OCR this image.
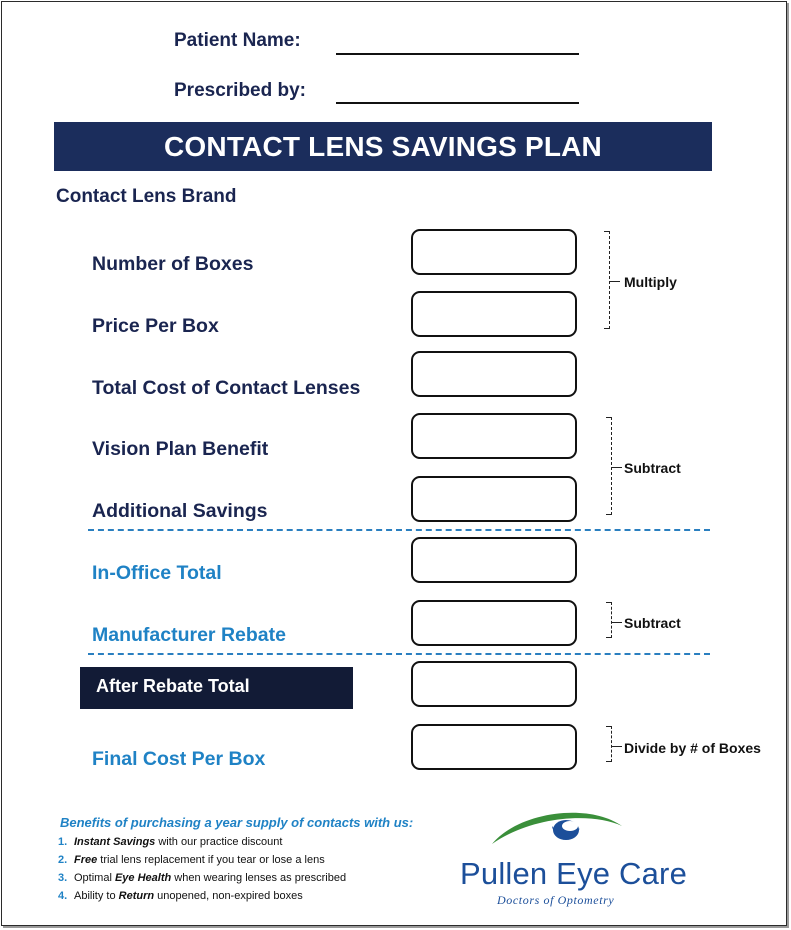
Patient Name:
Prescribed by:
CONTACT LENS SAVINGS PLAN
Contact Lens Brand
Number of Boxes
Price Per Box
Total Cost of Contact Lenses
Vision Plan Benefit
Additional Savings
In-Office Total
Manufacturer Rebate
After Rebate Total
Final Cost Per Box
Multiply
Subtract
Subtract
Divide by # of Boxes
Benefits of purchasing a year supply of contacts with us:
1. Instant Savings with our practice discount
2. Free trial lens replacement if you tear or lose a lens
3. Optimal Eye Health when wearing lenses as prescribed
4. Ability to Return unopened, non-expired boxes
Pullen Eye Care
Doctors of Optometry
